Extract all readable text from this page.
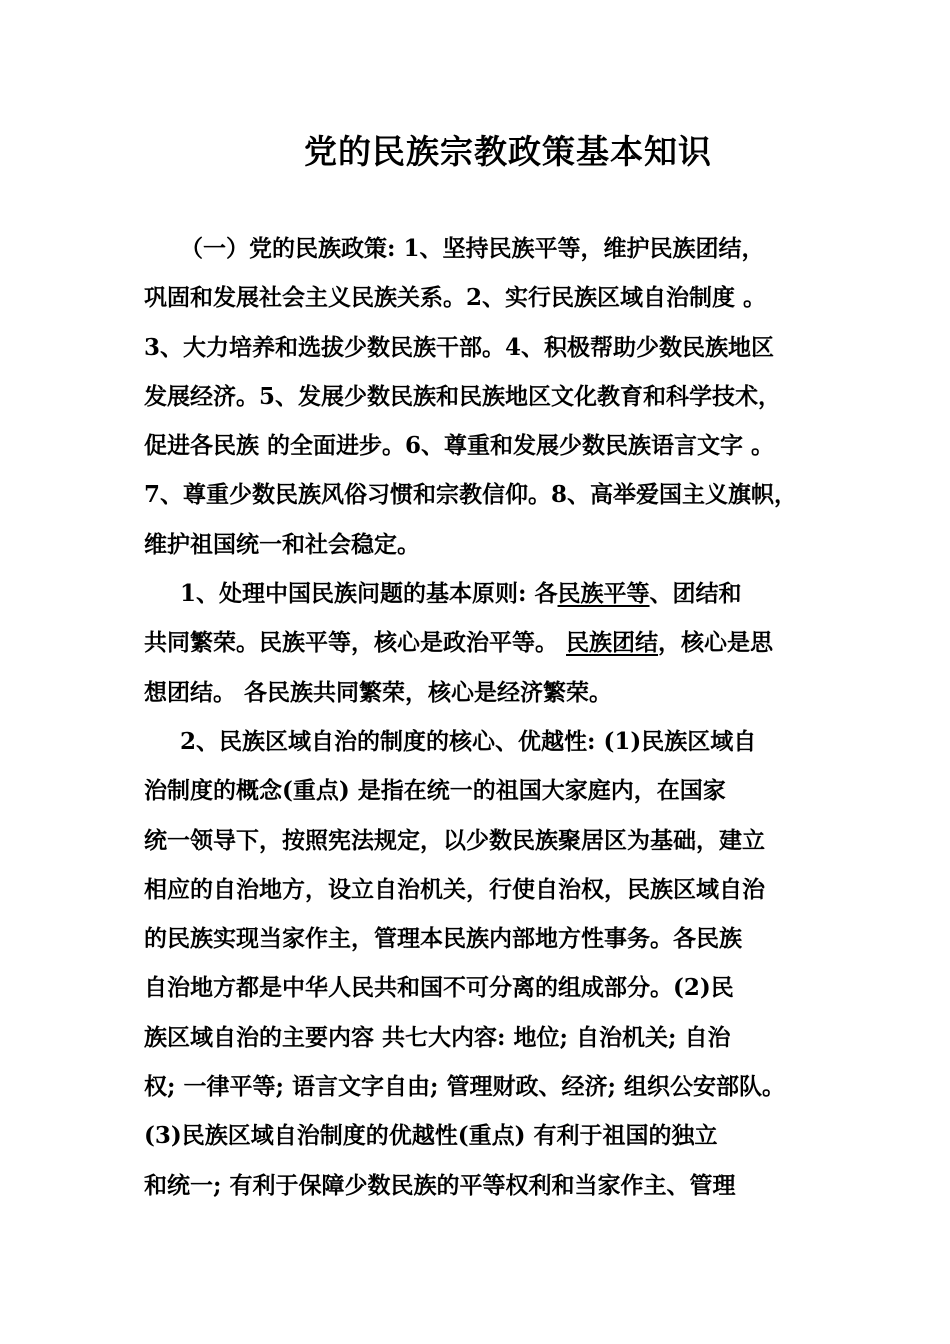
党的民族宗教政策基本知识
（一）党的民族政策: 1、坚持民族平等，维护民族团结，
巩固和发展社会主义民族关系。2、实行民族区域自治制度 。
3、大力培养和选拔少数民族干部。4、积极帮助少数民族地区
发展经济。5、发展少数民族和民族地区文化教育和科学技术，
促进各民族 的全面进步。6、尊重和发展少数民族语言文字 。
7、尊重少数民族风俗习惯和宗教信仰。8、高举爱国主义旗帜，
维护祖国统一和社会稳定。
1、处理中国民族问题的基本原则: 各民族平等、团结和
共同繁荣。民族平等，核心是政治平等。 民族团结，核心是思
想团结。 各民族共同繁荣，核心是经济繁荣。
2、民族区域自治的制度的核心、优越性: (1)民族区域自
治制度的概念(重点) 是指在统一的祖国大家庭内，在国家
统一领导下，按照宪法规定，以少数民族聚居区为基础，建立
相应的自治地方，设立自治机关，行使自治权，民族区域自治
的民族实现当家作主，管理本民族内部地方性事务。各民族
自治地方都是中华人民共和国不可分离的组成部分。(2)民
族区域自治的主要内容 共七大内容: 地位; 自治机关; 自治
权; 一律平等; 语言文字自由; 管理财政、经济; 组织公安部队。
(3)民族区域自治制度的优越性(重点) 有利于祖国的独立
和统一; 有利于保障少数民族的平等权利和当家作主、管理
